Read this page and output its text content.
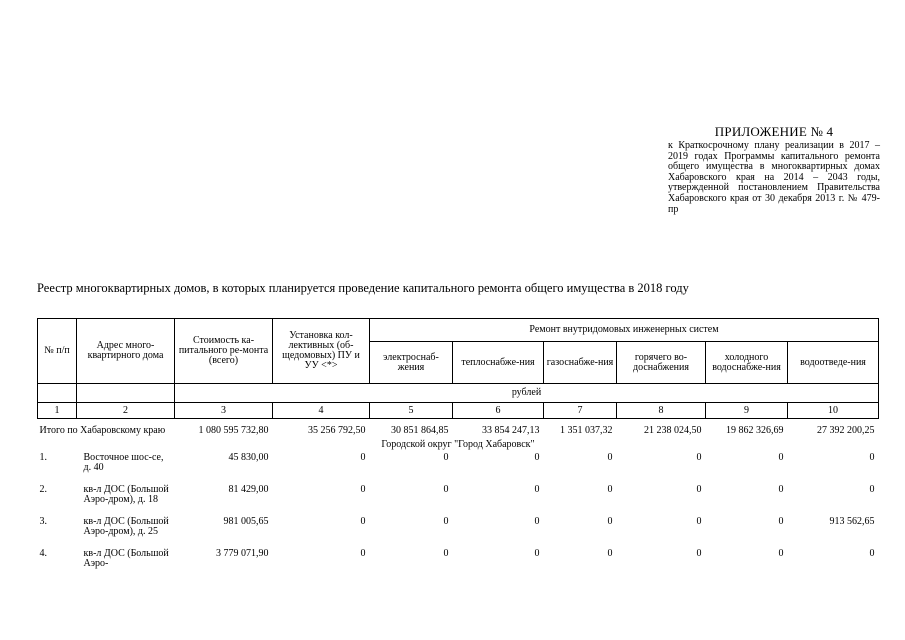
ПРИЛОЖЕНИЕ № 4
к Краткосрочному плану реализации в 2017 – 2019 годах Программы капитального ремонта общего имущества в многоквартирных домах Хабаровского края на 2014 – 2043 годы, утвержденной постановлением Правительства Хабаровского края от 30 декабря 2013 г. № 479-пр
Реестр многоквартирных домов, в которых планируется проведение капитального ремонта общего имущества в 2018 году
№ п/п	Адрес много-квартирного дома	Стоимость ка-питального ре-монта (всего)	Установка кол-лективных (об-щедомовых) ПУ и УУ <*>	Ремонт внутридомовых инженерных систем					
				электроснаб-жения	теплоснабже-ния	газоснабже-ния	горячего во-доснабжения	холодного водоснабже-ния	водоотведе-ния
		рублей							
1	2	3	4	5	6	7	8	9	10
Итого по Хабаровскому краю		1 080 595 732,80	35 256 792,50	30 851 864,85	33 854 247,13	1 351 037,32	21 238 024,50	19 862 326,69	27 392 200,25
Городской округ "Город Хабаровск"									
1.	Восточное шос-се, д. 40	45 830,00	0	0	0	0	0	0	0
2.	кв-л ДОС (Большой Аэро-дром), д. 18	81 429,00	0	0	0	0	0	0	0
3.	кв-л ДОС (Большой Аэро-дром), д. 25	981 005,65	0	0	0	0	0	0	913 562,65
4.	кв-л ДОС (Большой Аэро-	3 779 071,90	0	0	0	0	0	0	0
